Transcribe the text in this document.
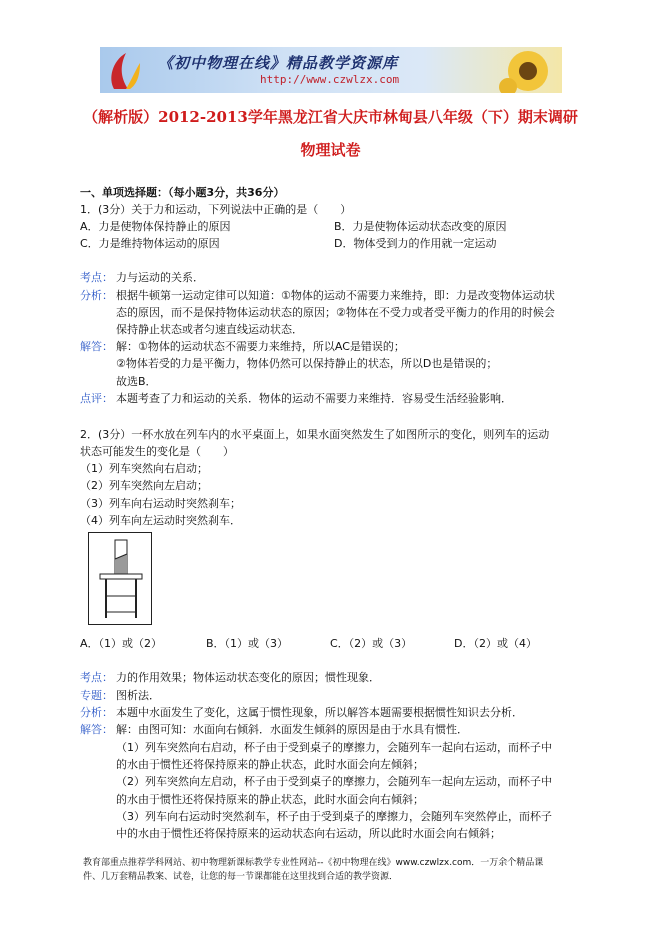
《初中物理在线》精品教学资源库
http://www.czwlzx.com
（解析版）2012-2013学年黑龙江省大庆市林甸县八年级（下）期末调研
物理试卷
一、单项选择题：（每小题3分，共36分）
1．(3分）关于力和运动，下列说法中正确的是（　　）
A．力是使物体保持静止的原因	B．力是使物体运动状态改变的原因
C．力是维持物体运动的原因	D．物体受到力的作用就一定运动
考点： 力与运动的关系．
分析： 根据牛顿第一运动定律可以知道：①物体的运动不需要力来维持，即：力是改变物体运动状
态的原因，而不是保持物体运动状态的原因；②物体在不受力或者受平衡力的作用的时候会
保持静止状态或者匀速直线运动状态．
解答： 解：①物体的运动状态不需要力来维持，所以AC是错误的；
②物体若受的力是平衡力，物体仍然可以保持静止的状态，所以D也是错误的；
故选B．
点评： 本题考查了力和运动的关系．物体的运动不需要力来维持．容易受生活经验影响．
2．(3分）一杯水放在列车内的水平桌面上，如果水面突然发生了如图所示的变化，则列车的运动
状态可能发生的变化是（　　）
（1）列车突然向右启动；
（2）列车突然向左启动；
（3）列车向右运动时突然刹车；
（4）列车向左运动时突然刹车．
A．（1）或（2）	B．（1）或（3）	C．（2）或（3）	D．（2）或（4）
考点： 力的作用效果；物体运动状态变化的原因；惯性现象．
专题： 图析法．
分析： 本题中水面发生了变化，这属于惯性现象，所以解答本题需要根据惯性知识去分析．
解答： 解：由图可知：水面向右倾斜．水面发生倾斜的原因是由于水具有惯性．
（1）列车突然向右启动，杯子由于受到桌子的摩擦力，会随列车一起向右运动，而杯子中
的水由于惯性还将保持原来的静止状态，此时水面会向左倾斜；
（2）列车突然向左启动，杯子由于受到桌子的摩擦力，会随列车一起向左运动，而杯子中
的水由于惯性还将保持原来的静止状态，此时水面会向右倾斜；
（3）列车向右运动时突然刹车，杯子由于受到桌子的摩擦力，会随列车突然停止，而杯子
中的水由于惯性还将保持原来的运动状态向右运动，所以此时水面会向右倾斜；
教育部重点推荐学科网站、初中物理新课标教学专业性网站--《初中物理在线》www.czwlzx.com．一万余个精品课
件、几万套精品教案、试卷，让您的每一节课都能在这里找到合适的教学资源．
